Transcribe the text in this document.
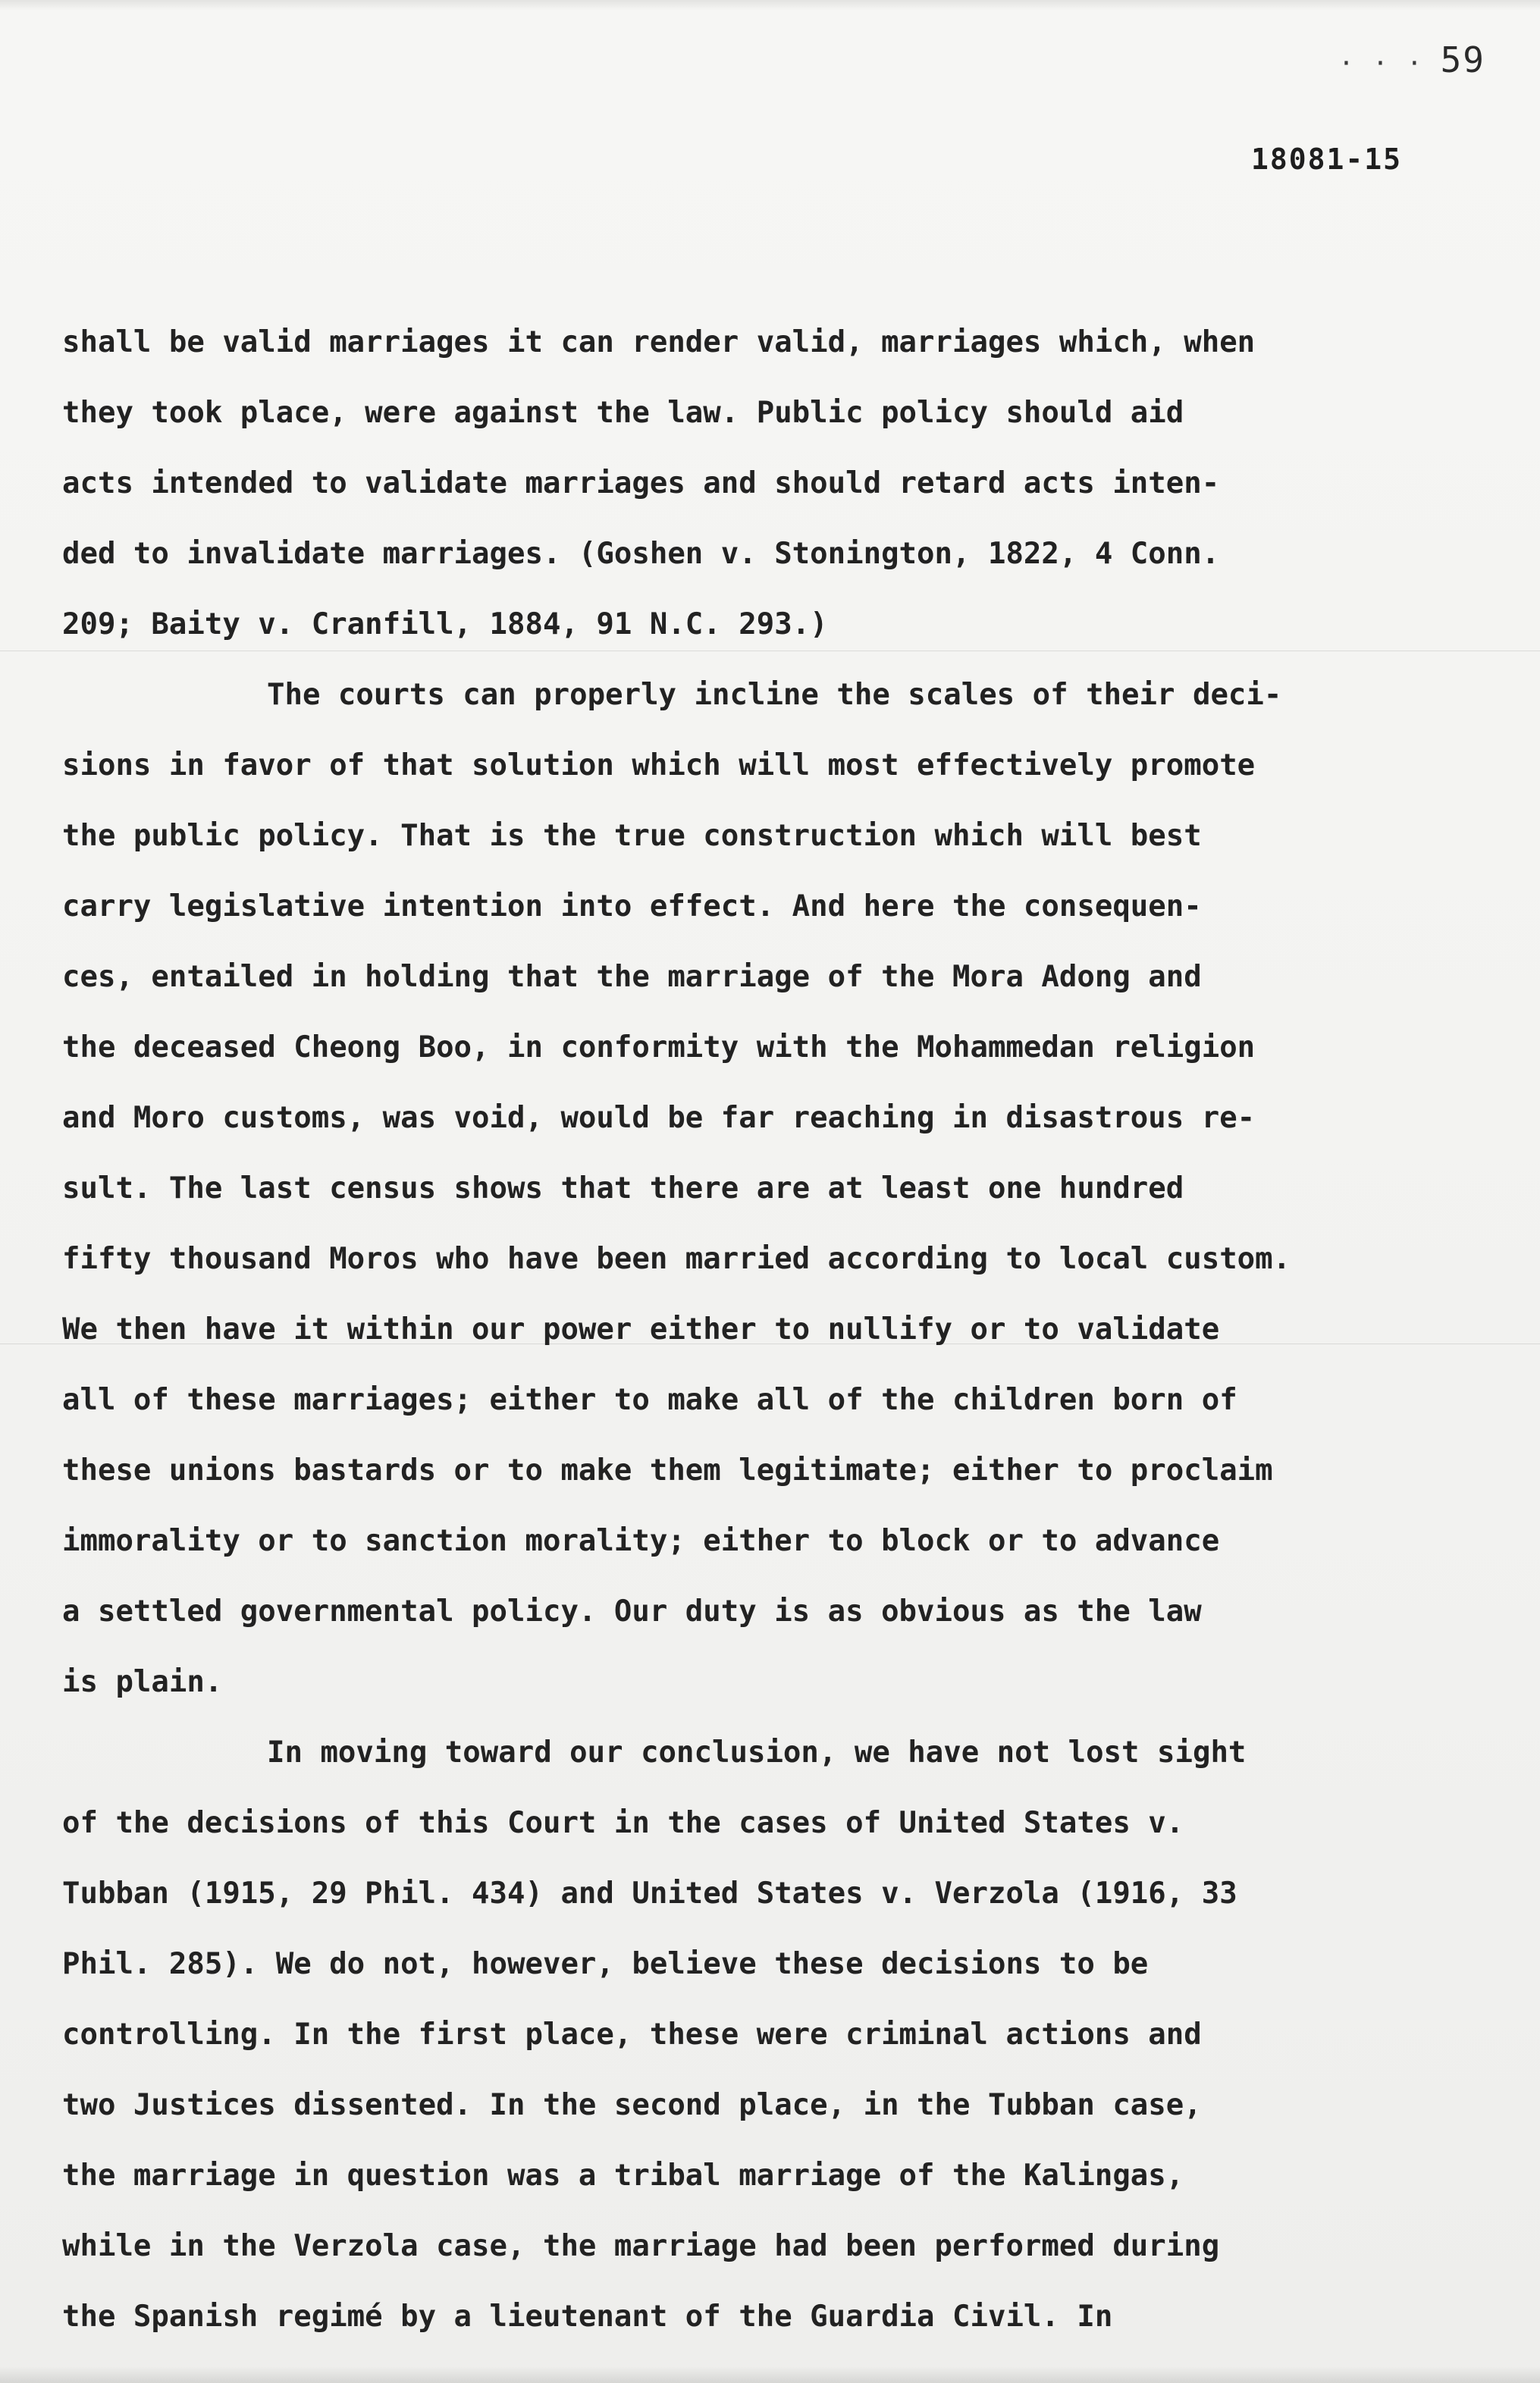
· · · 59
18081-15

shall be valid marriages it can render valid, marriages which, when
they took place, were against the law. Public policy should aid
acts intended to validate marriages and should retard acts inten-
ded to invalidate marriages. (Goshen v. Stonington, 1822, 4 Conn.
209; Baity v. Cranfill, 1884, 91 N.C. 293.)

The courts can properly incline the scales of their deci-
sions in favor of that solution which will most effectively promote
the public policy. That is the true construction which will best
carry legislative intention into effect. And here the consequen-
ces, entailed in holding that the marriage of the Mora Adong and
the deceased Cheong Boo, in conformity with the Mohammedan religion
and Moro customs, was void, would be far reaching in disastrous re-
sult. The last census shows that there are at least one hundred
fifty thousand Moros who have been married according to local custom.
We then have it within our power either to nullify or to validate
all of these marriages; either to make all of the children born of
these unions bastards or to make them legitimate; either to proclaim
immorality or to sanction morality; either to block or to advance
a settled governmental policy. Our duty is as obvious as the law
is plain.

In moving toward our conclusion, we have not lost sight
of the decisions of this Court in the cases of United States v.
Tubban (1915, 29 Phil. 434) and United States v. Verzola (1916, 33
Phil. 285). We do not, however, believe these decisions to be
controlling. In the first place, these were criminal actions and
two Justices dissented. In the second place, in the Tubban case,
the marriage in question was a tribal marriage of the Kalingas,
while in the Verzola case, the marriage had been performed during
the Spanish regimé by a lieutenant of the Guardia Civil. In
